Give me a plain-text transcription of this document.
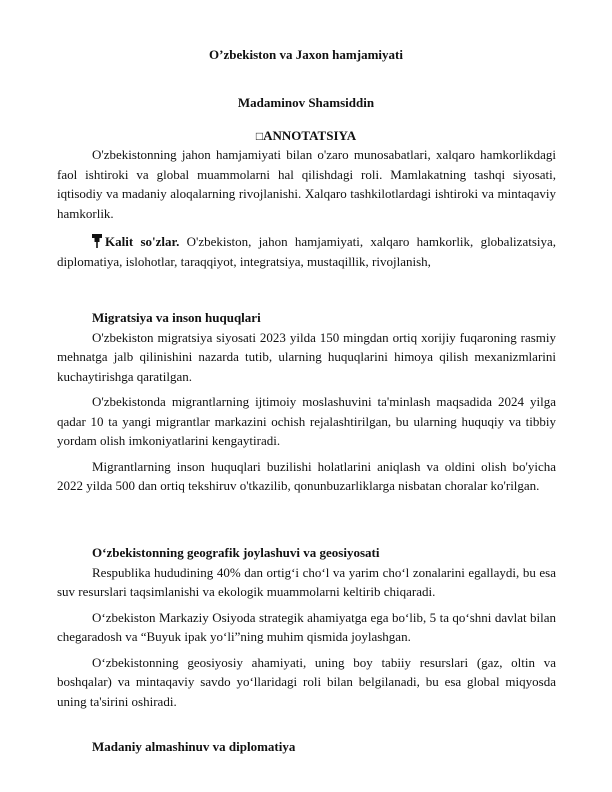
O’zbekiston va Jaxon hamjamiyati
Madaminov Shamsiddin
□ANNOTATSIYA

O'zbekistonning jahon hamjamiyati bilan o'zaro munosabatlari, xalqaro hamkorlikdagi faol ishtiroki va global muammolarni hal qilishdagi roli. Mamlakatning tashqi siyosati, iqtisodiy va madaniy aloqalarning rivojlanishi. Xalqaro tashkilotlardagi ishtiroki va mintaqaviy hamkorlik.

Kalit so'zlar. O'zbekiston, jahon hamjamiyati, xalqaro hamkorlik, globalizatsiya, diplomatiya, islohotlar, taraqqiyot, integratsiya, mustaqillik, rivojlanish,

Migratsiya va inson huquqlari

O'zbekiston migratsiya siyosati 2023 yilda 150 mingdan ortiq xorijiy fuqaroning rasmiy mehnatga jalb qilinishini nazarda tutib, ularning huquqlarini himoya qilish mexanizmlarini kuchaytirishga qaratilgan.

O'zbekistonda migrantlarning ijtimoiy moslashuvini ta'minlash maqsadida 2024 yilga qadar 10 ta yangi migrantlar markazini ochish rejalashtirilgan, bu ularning huquqiy va tibbiy yordam olish imkoniyatlarini kengaytiradi.

Migrantlarning inson huquqlari buzilishi holatlarini aniqlash va oldini olish bo'yicha 2022 yilda 500 dan ortiq tekshiruv o'tkazilib, qonunbuzarliklarga nisbatan choralar ko'rilgan.

O‘zbekistonning geografik joylashuvi va geosiyosati

Respublika hududining 40% dan ortig‘i cho‘l va yarim cho‘l zonalarini egallaydi, bu esa suv resurslari taqsimlanishi va ekologik muammolarni keltirib chiqaradi.

O‘zbekiston Markaziy Osiyoda strategik ahamiyatga ega bo‘lib, 5 ta qo‘shni davlat bilan chegaradosh va “Buyuk ipak yo‘li”ning muhim qismida joylashgan.

O‘zbekistonning geosiyosiy ahamiyati, uning boy tabiiy resurslari (gaz, oltin va boshqalar) va mintaqaviy savdo yo‘llaridagi roli bilan belgilanadi, bu esa global miqyosda uning ta'sirini oshiradi.

Madaniy almashinuv va diplomatiya
